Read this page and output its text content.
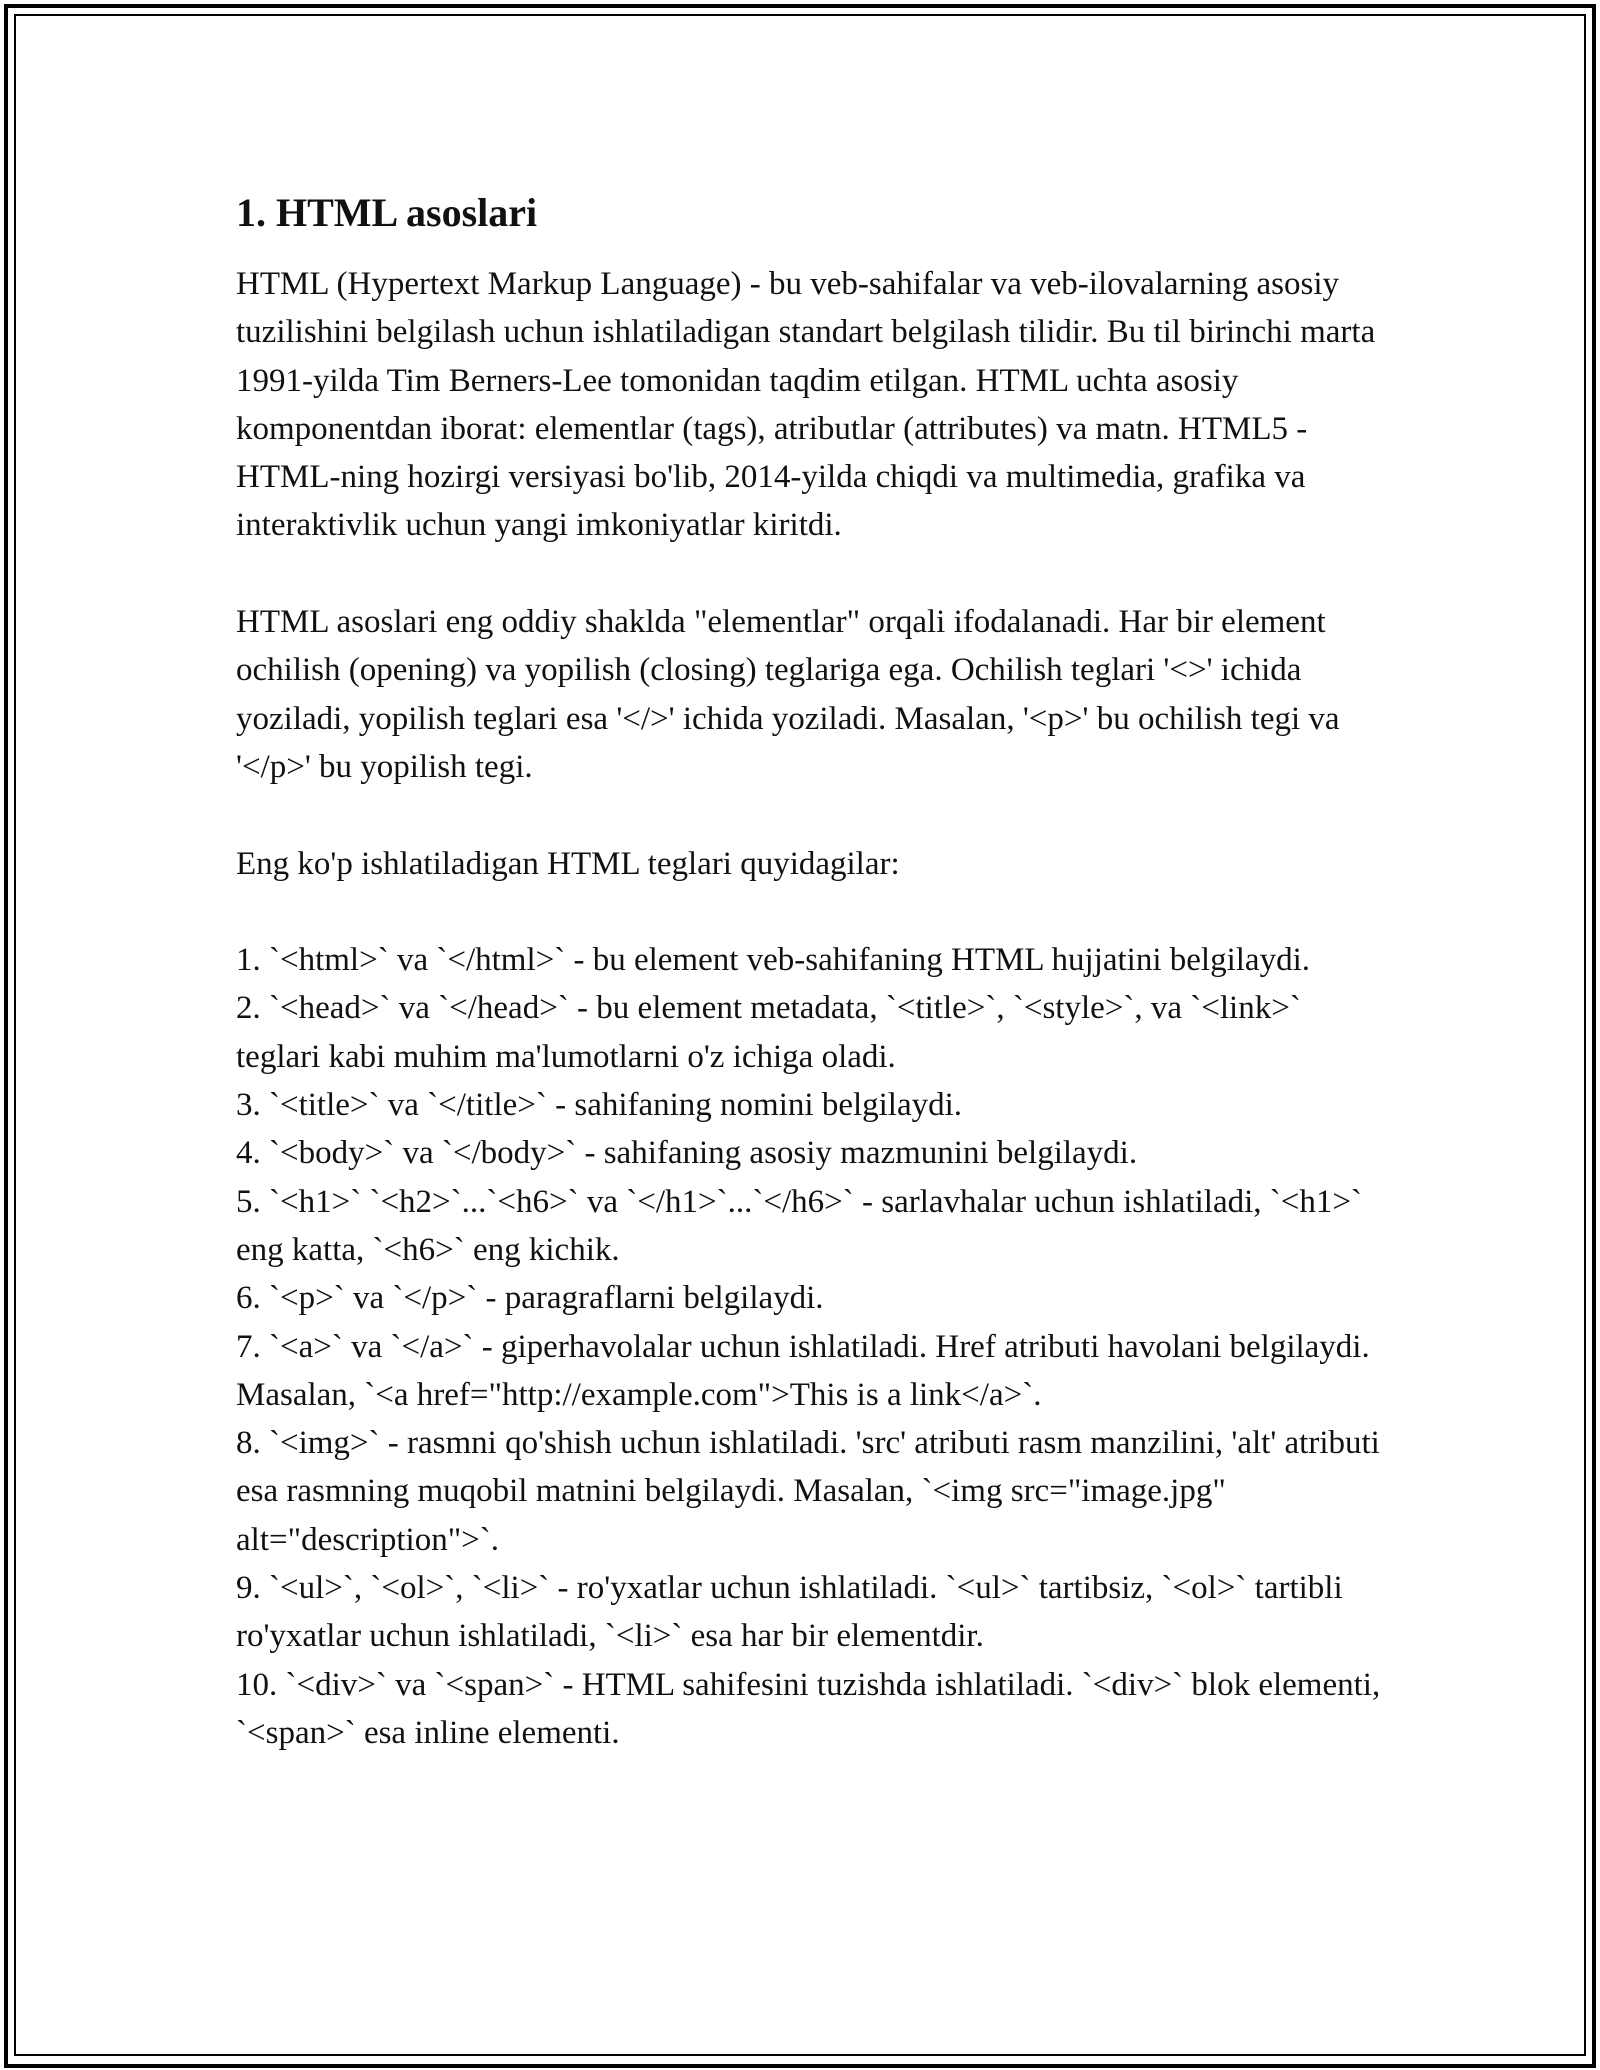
1. HTML asoslari

HTML (Hypertext Markup Language) - bu veb-sahifalar va veb-ilovalarning asosiy tuzilishini belgilash uchun ishlatiladigan standart belgilash tilidir. Bu til birinchi marta 1991-yilda Tim Berners-Lee tomonidan taqdim etilgan. HTML uchta asosiy komponentdan iborat: elementlar (tags), atributlar (attributes) va matn. HTML5 - HTML-ning hozirgi versiyasi bo'lib, 2014-yilda chiqdi va multimedia, grafika va interaktivlik uchun yangi imkoniyatlar kiritdi.

HTML asoslari eng oddiy shaklda "elementlar" orqali ifodalanadi. Har bir element ochilish (opening) va yopilish (closing) teglariga ega. Ochilish teglari '<>' ichida yoziladi, yopilish teglari esa '</>' ichida yoziladi. Masalan, '<p>' bu ochilish tegi va '</p>' bu yopilish tegi.

Eng ko'p ishlatiladigan HTML teglari quyidagilar:

1. `<html>` va `</html>` - bu element veb-sahifaning HTML hujjatini belgilaydi.

2. `<head>` va `</head>` - bu element metadata, `<title>`, `<style>`, va `<link>` teglari kabi muhim ma'lumotlarni o'z ichiga oladi.

3. `<title>` va `</title>` - sahifaning nomini belgilaydi.

4. `<body>` va `</body>` - sahifaning asosiy mazmunini belgilaydi.

5. `<h1>` `<h2>`...`<h6>` va `</h1>`...`</h6>` - sarlavhalar uchun ishlatiladi, `<h1>` eng katta, `<h6>` eng kichik.

6. `<p>` va `</p>` - paragraflarni belgilaydi.

7. `<a>` va `</a>` - giperhavolalar uchun ishlatiladi. Href atributi havolani belgilaydi. Masalan, `<a href="http://example.com">This is a link</a>`.

8. `<img>` - rasmni qo'shish uchun ishlatiladi. 'src' atributi rasm manzilini, 'alt' atributi esa rasmning muqobil matnini belgilaydi. Masalan, `<img src="image.jpg" alt="description">`.

9. `<ul>`, `<ol>`, `<li>` - ro'yxatlar uchun ishlatiladi. `<ul>` tartibsiz, `<ol>` tartibli ro'yxatlar uchun ishlatiladi, `<li>` esa har bir elementdir.

10. `<div>` va `<span>` - HTML sahifesini tuzishda ishlatiladi. `<div>` blok elementi, `<span>` esa inline elementi.
